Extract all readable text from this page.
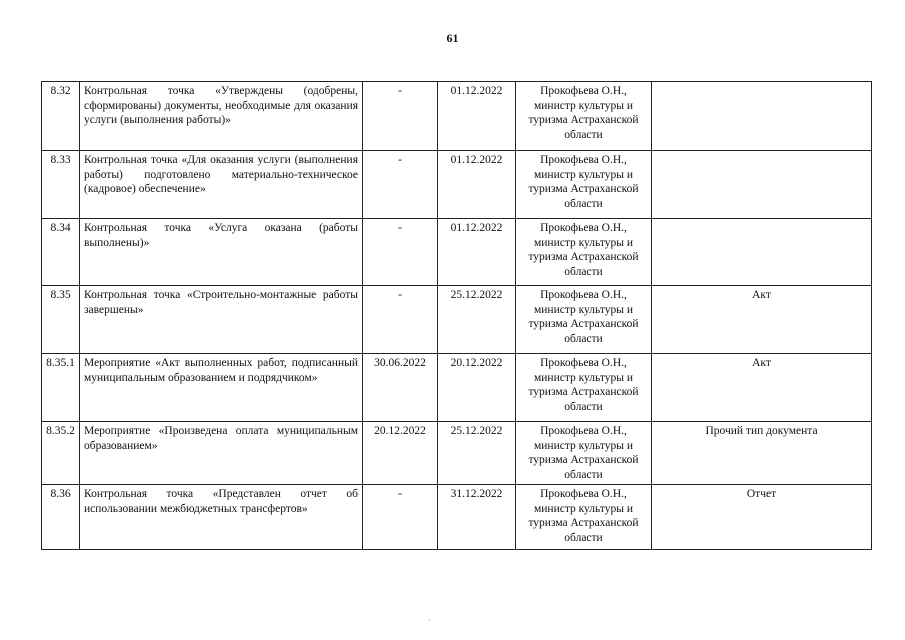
61
8.32	Контрольная точка «Утверждены (одобрены, сформированы) документы, необходимые для оказания услуги (выполнения работы)»	-	01.12.2022	Прокофьева О.Н., министр культуры и туризма Астраханской области	
8.33	Контрольная точка «Для оказания услуги (выполнения работы) подготовлено материально-техническое (кадровое) обеспечение»	-	01.12.2022	Прокофьева О.Н., министр культуры и туризма Астраханской области	
8.34	Контрольная точка «Услуга оказана (работы выполнены)»	-	01.12.2022	Прокофьева О.Н., министр культуры и туризма Астраханской области	
8.35	Контрольная точка «Строительно-монтажные работы завершены»	-	25.12.2022	Прокофьева О.Н., министр культуры и туризма Астраханской области	Акт
8.35.1	Мероприятие «Акт выполненных работ, подписанный муниципальным образованием и подрядчиком»	30.06.2022	20.12.2022	Прокофьева О.Н., министр культуры и туризма Астраханской области	Акт
8.35.2	Мероприятие «Произведена оплата муниципальным образованием»	20.12.2022	25.12.2022	Прокофьева О.Н., министр культуры и туризма Астраханской области	Прочий тип документа
8.36	Контрольная точка «Представлен отчет об использовании межбюджетных трансфертов»	-	31.12.2022	Прокофьева О.Н., министр культуры и туризма Астраханской области	Отчет
·
